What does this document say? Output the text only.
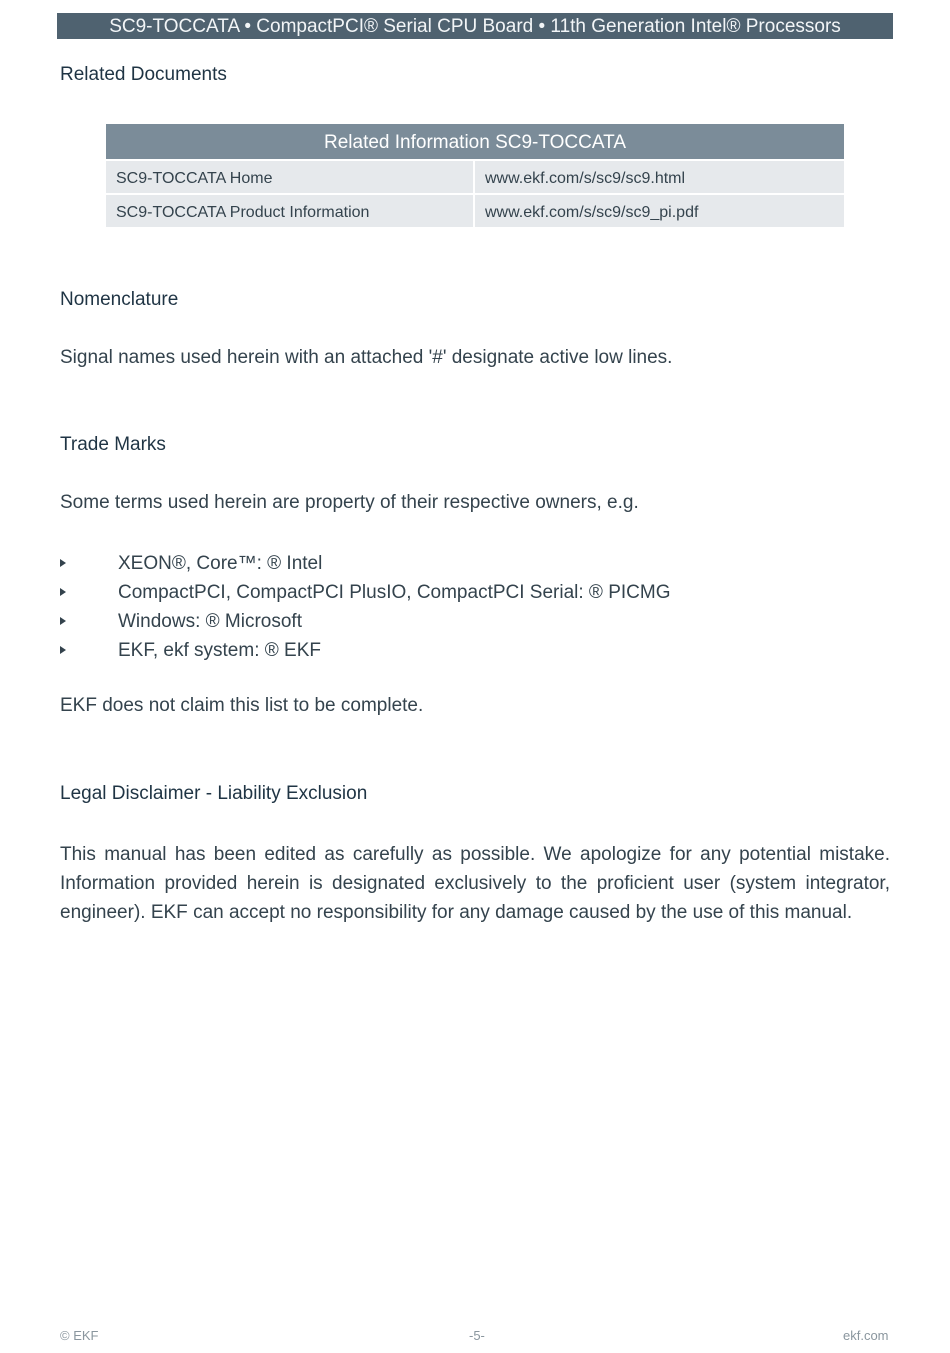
SC9-TOCCATA • CompactPCI® Serial CPU Board • 11th Generation Intel® Processors
Related Documents
Related Information SC9-TOCCATA
SC9-TOCCATA Home	www.ekf.com/s/sc9/sc9.html
SC9-TOCCATA Product Information	www.ekf.com/s/sc9/sc9_pi.pdf
Nomenclature
Signal names used herein with an attached '#' designate active low lines.
Trade Marks
Some terms used herein are property of their respective owners, e.g.
XEON®, Core™: ® Intel
CompactPCI, CompactPCI PlusIO, CompactPCI Serial: ® PICMG
Windows: ® Microsoft
EKF, ekf system: ® EKF
EKF does not claim this list to be complete.
Legal Disclaimer - Liability Exclusion

This manual has been edited as carefully as possible. We apologize for any potential mistake. Information provided herein is designated exclusively to the proficient user (system integrator, engineer). EKF can accept no responsibility for any damage caused by the use of this manual.

© EKF	-5-	ekf.com
